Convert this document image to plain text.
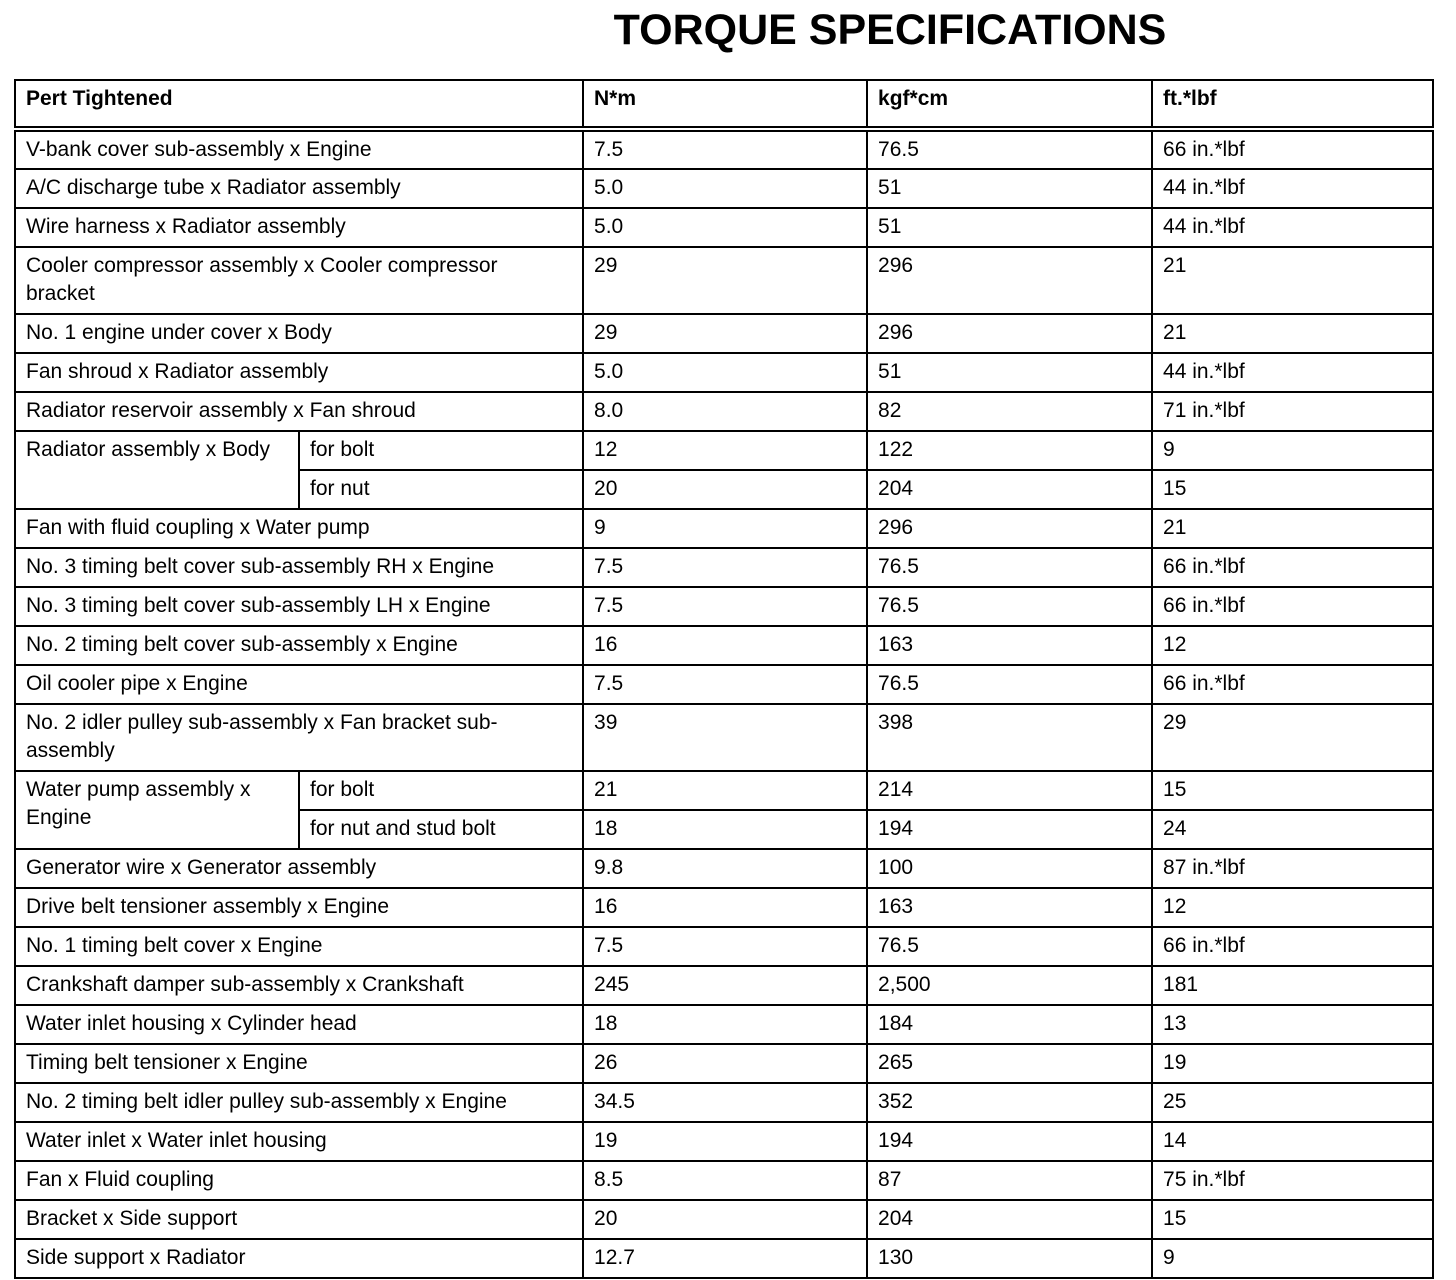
TORQUE SPECIFICATIONS
Pert Tightened		N*m	kgf*cm	ft.*lbf
V-bank cover sub-assembly x Engine		7.5	76.5	66 in.*lbf
A/C discharge tube x Radiator assembly		5.0	51	44 in.*lbf
Wire harness x Radiator assembly		5.0	51	44 in.*lbf
Cooler compressor assembly x Cooler compressor bracket		29	296	21
No. 1 engine under cover x Body		29	296	21
Fan shroud x Radiator assembly		5.0	51	44 in.*lbf
Radiator reservoir assembly x Fan shroud		8.0	82	71 in.*lbf
Radiator assembly x Body	for bolt	12	122	9
	for nut	20	204	15
Fan with fluid coupling x Water pump		9	296	21
No. 3 timing belt cover sub-assembly RH x Engine		7.5	76.5	66 in.*lbf
No. 3 timing belt cover sub-assembly LH x Engine		7.5	76.5	66 in.*lbf
No. 2 timing belt cover sub-assembly x Engine		16	163	12
Oil cooler pipe x Engine		7.5	76.5	66 in.*lbf
No. 2 idler pulley sub-assembly x Fan bracket sub-assembly		39	398	29
Water pump assembly x Engine	for bolt	21	214	15
	for nut and stud bolt	18	194	24
Generator wire x Generator assembly		9.8	100	87 in.*lbf
Drive belt tensioner assembly x Engine		16	163	12
No. 1 timing belt cover x Engine		7.5	76.5	66 in.*lbf
Crankshaft damper sub-assembly x Crankshaft		245	2,500	181
Water inlet housing x Cylinder head		18	184	13
Timing belt tensioner x Engine		26	265	19
No. 2 timing belt idler pulley sub-assembly x Engine		34.5	352	25
Water inlet x Water inlet housing		19	194	14
Fan x Fluid coupling		8.5	87	75 in.*lbf
Bracket x Side support		20	204	15
Side support x Radiator		12.7	130	9
